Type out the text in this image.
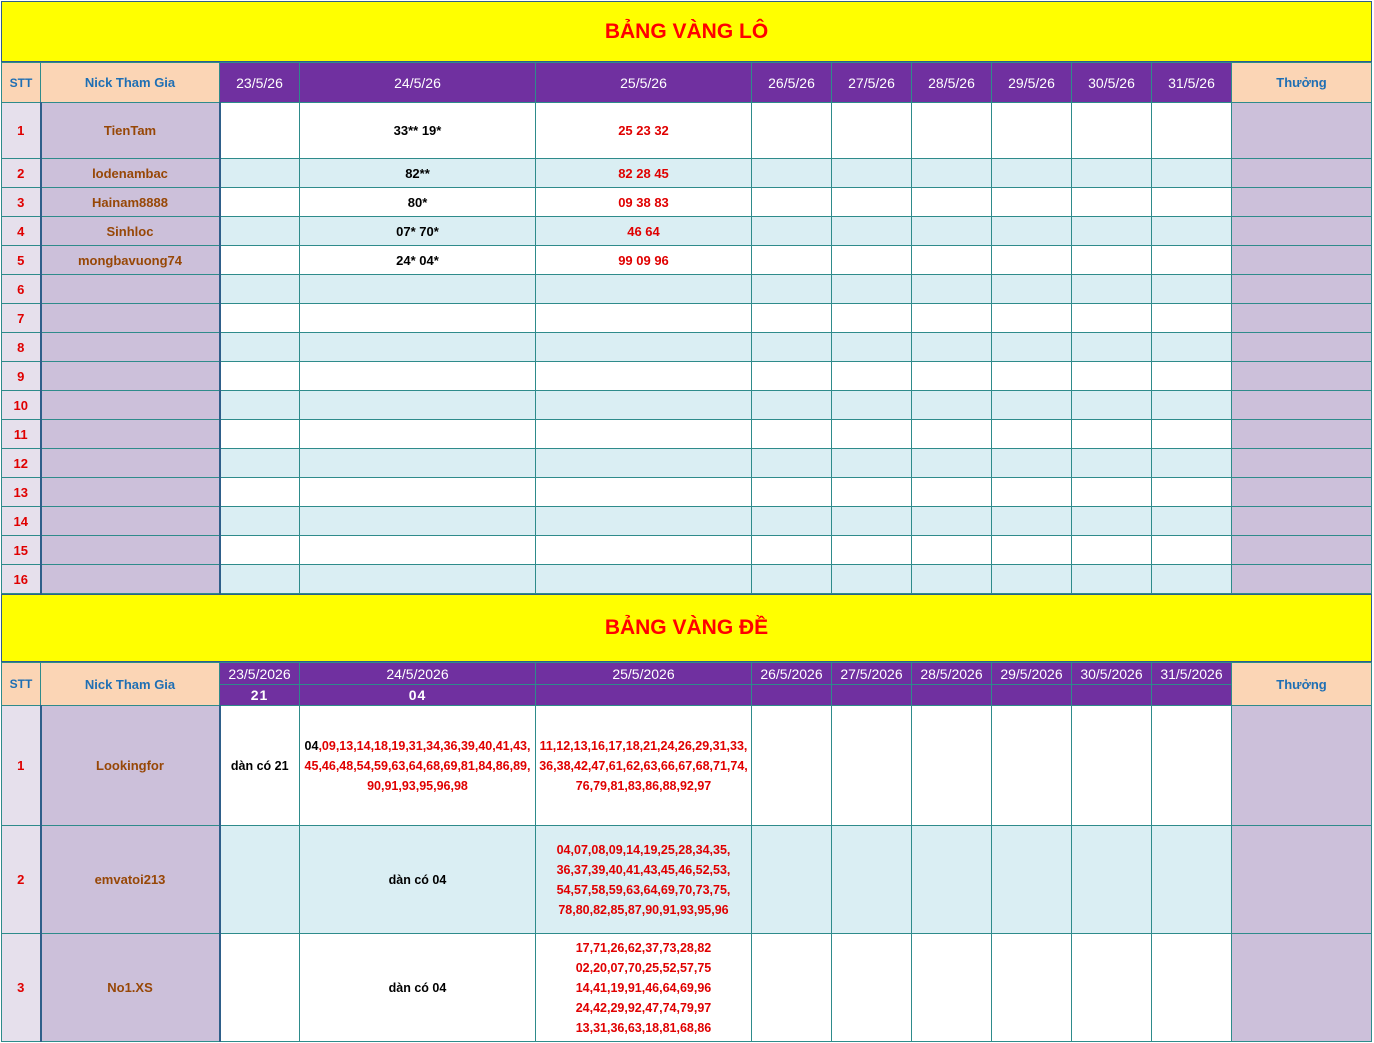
BẢNG VÀNG LÔ
STT	Nick Tham Gia	23/5/26	24/5/26	25/5/26	26/5/26	27/5/26	28/5/26	29/5/26	30/5/26	31/5/26	Thưởng
1	TienTam		33** 19*	25 23 32							
2	lodenambac		82**	82 28 45							
3	Hainam8888		80*	09 38 83							
4	Sinhloc		07* 70*	46 64							
5	mongbavuong74		24* 04*	99 09 96							
6											
7											
8											
9											
10											
11											
12											
13											
14											
15											
16											
BẢNG VÀNG ĐỀ
STT	Nick Tham Gia	23/5/2026	24/5/2026	25/5/2026	26/5/2026	27/5/2026	28/5/2026	29/5/2026	30/5/2026	31/5/2026	Thưởng
		21	04								
1	Lookingfor	dàn có 21	04,09,13,14,18,19,31,34,36,39,40,41,43,45,46,48,54,59,63,64,68,69,81,84,86,89,90,91,93,95,96,98	11,12,13,16,17,18,21,24,26,29,31,33,36,38,42,47,61,62,63,66,67,68,71,74,76,79,81,83,86,88,92,97							
2	emvatoi213		dàn có 04	04,07,08,09,14,19,25,28,34,35,
36,37,39,40,41,43,45,46,52,53,
54,57,58,59,63,64,69,70,73,75,
78,80,82,85,87,90,91,93,95,96							
3	No1.XS		dàn có 04	17,71,26,62,37,73,28,82
02,20,07,70,25,52,57,75
14,41,19,91,46,64,69,96
24,42,29,92,47,74,79,97
13,31,36,63,18,81,68,86							
